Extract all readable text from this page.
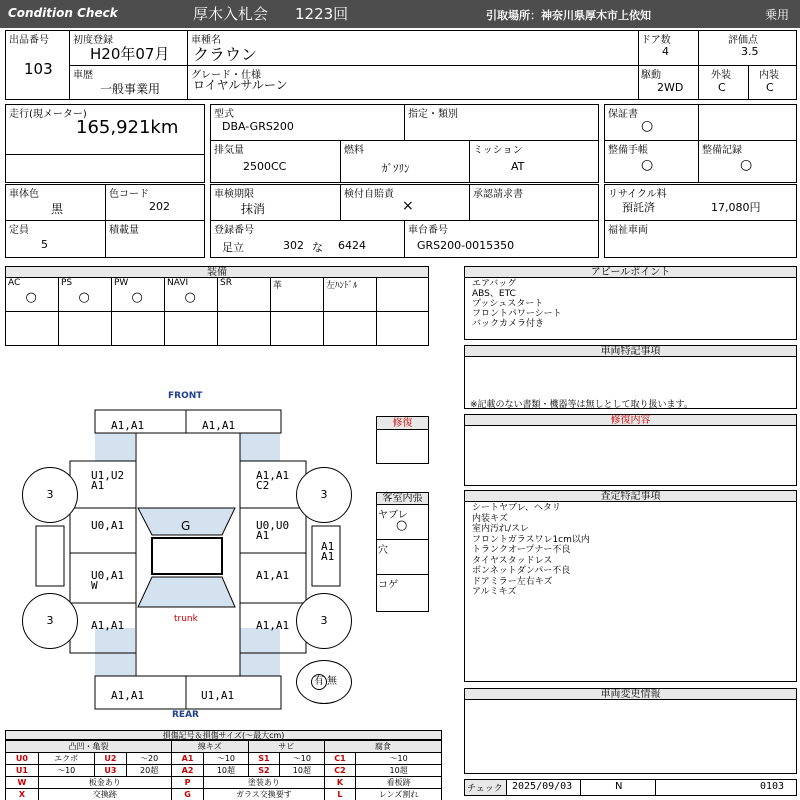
Condition Check	厚木入札会 1223回	引取場所：神奈川県厚木市上依知	乗用
出品番号
103
初度登録
H20年07月
車種名
クラウン
ドア数
4
評価点
3.5
車歴
一般事業用
グレード・仕様
ロイヤルサルーン
駆動
2WD
外装
C
内装
C
走行(現メーター)
165,921km
型式
DBA-GRS200
指定・類別
排気量
2500CC
燃料
ｶﾞｿﾘﾝ
ミッション
AT
保証書
○
整備手帳
○
整備記録
○
車体色
黒
色コード
202
定員
5
積載量
車検期限
抹消
検付自賠責
×
承認請求書
登録番号
足立	302 な 6424
車台番号
GRS200-0015350
リサイクル料
預託済	17,080円
福祉車両
装備
AC
○
PS
○
PW
○
NAVI
○
SR	革	左ﾊﾝﾄﾞﾙ
FRONT
REAR
trunk
A1,A1	A1,A1
U1,U2
A1
A1,A1
C2
U0,A1	G	U0,U0
A1
U0,A1
W
A1,A1
A1,A1	A1,A1
A1,A1	U1,A1
A1
A1
3	3
3	3
有 無
修復
客室内張
ヤブレ
○
穴
コゲ
アピールポイント
エアバッグ
ABS、ETC
プッシュスタート
フロントパワーシート
バックカメラ付き
車両特記事項
※記載のない書類・機器等は無しとして取り扱います。
修復内容
査定特記事項
シートヤブレ、ヘタリ
内装キズ
室内汚れ/スレ
フロントガラスワレ1cm以内
トランクオープナー不良
タイヤスタッドレス
ボンネットダンパー不良
ドアミラー左右キズ
アルミキズ
車両変更情報
チェック 2025/09/03	N	0103
損傷記号＆損傷サイズ(〜最大cm)
凸凹・亀裂				線キズ		サビ		腐食	
U0	エクボ	U2	〜20	A1	〜10	S1	〜10	C1	〜10
U1	〜10	U3	20超	A2	10超	S2	10超	C2	10超
W	板金あり			P	塗装あり			K	看板跡
X	交換跡			G	ガラス交換要す			L	レンズ割れ
